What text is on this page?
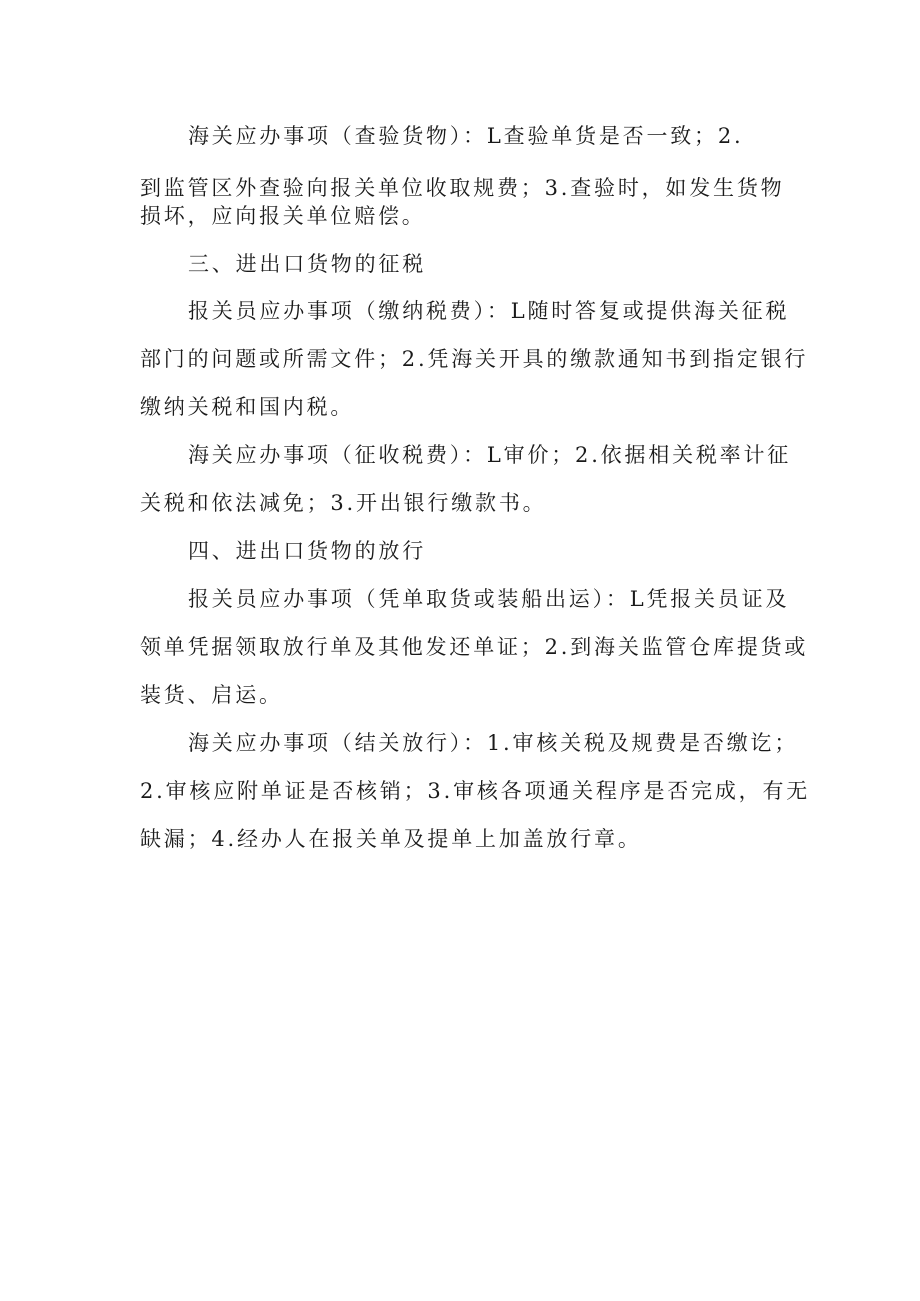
海关应办事项（查验货物）：L查验单货是否一致；2.
到监管区外查验向报关单位收取规费；3.查验时，如发生货物
损坏，应向报关单位赔偿。
三、进出口货物的征税
报关员应办事项（缴纳税费）：L随时答复或提供海关征税
部门的问题或所需文件；2.凭海关开具的缴款通知书到指定银行
缴纳关税和国内税。
海关应办事项（征收税费）：L审价；2.依据相关税率计征
关税和依法减免；3.开出银行缴款书。
四、进出口货物的放行
报关员应办事项（凭单取货或装船出运）：L凭报关员证及
领单凭据领取放行单及其他发还单证；2.到海关监管仓库提货或
装货、启运。
海关应办事项（结关放行）：1.审核关税及规费是否缴讫；
2.审核应附单证是否核销；3.审核各项通关程序是否完成，有无
缺漏；4.经办人在报关单及提单上加盖放行章。
